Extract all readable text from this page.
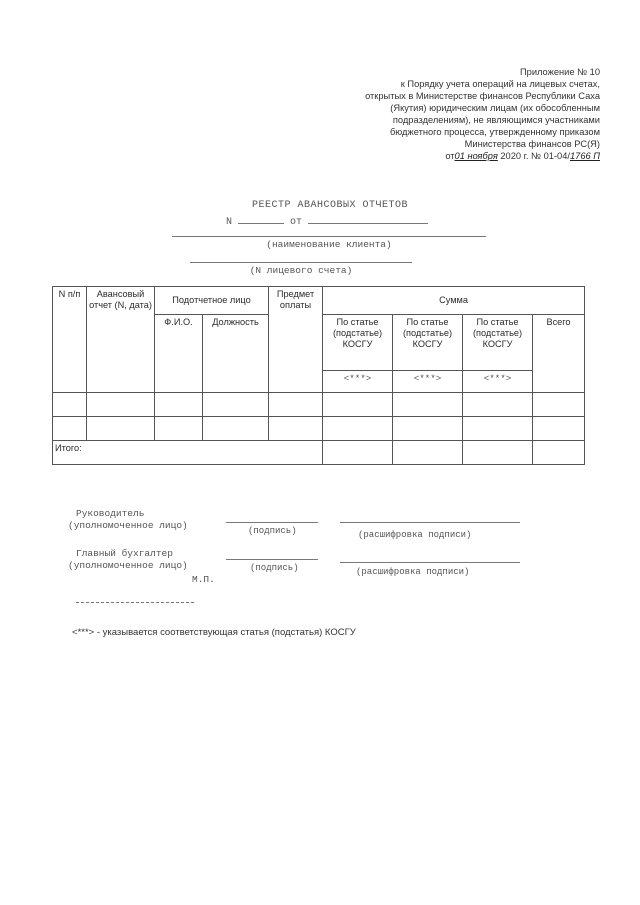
Приложение № 10
к Порядку учета операций на лицевых счетах,
открытых в Министерстве финансов Республики Саха
(Якутия) юридическим лицам (их обособленным
подразделениям), не являющимся участниками
бюджетного процесса, утвержденному приказом
Министерства финансов РС(Я)
от01 ноября 2020 г. № 01-04/1766 П
РЕЕСТР АВАНСОВЫХ ОТЧЕТОВ
N	от
(наименование клиента)
(N лицевого счета)
N п/п	Авансовый отчет (N, дата)	Подотчетное лицо		Предмет оплаты	Сумма			
		Ф.И.О.	Должность		По статье (подстатье) КОСГУ	По статье (подстатье) КОСГУ	По статье (подстатье) КОСГУ	Всего
					<***>	<***>	<***>	

Итого:								
Руководитель
(уполномоченное лицо)	(подпись)	(расшифровка подписи)
Главный бухгалтер
(уполномоченное лицо)	(подпись)	(расшифровка подписи)
М.П.
<***> - указывается соответствующая статья (подстатья) КОСГУ
